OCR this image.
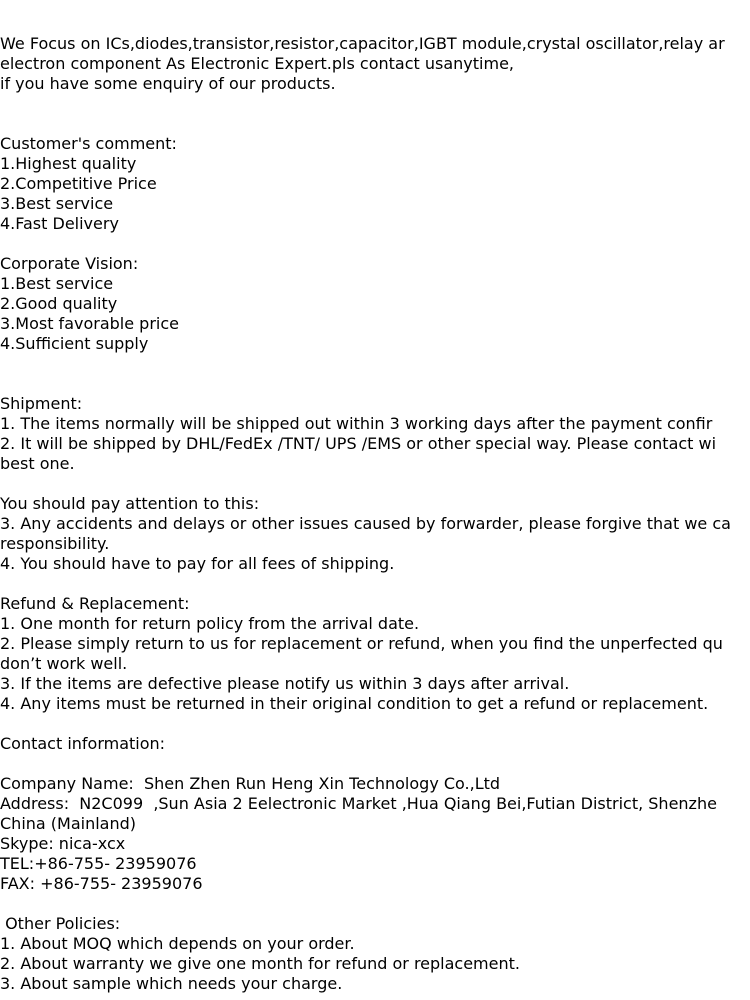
We Focus on ICs,diodes,transistor,resistor,capacitor,IGBT module,crystal oscillator,relay ar
electron component As Electronic Expert.pls contact usanytime,
if you have some enquiry of our products.
Customer's comment:
1.Highest quality
2.Competitive Price
3.Best service
4.Fast Delivery
Corporate Vision:
1.Best service
2.Good quality
3.Most favorable price
4.Sufficient supply
Shipment:
1. The items normally will be shipped out within 3 working days after the payment confir
2. It will be shipped by DHL/FedEx /TNT/ UPS /EMS or other special way. Please contact wi
best one.
You should pay attention to this:
3. Any accidents and delays or other issues caused by forwarder, please forgive that we ca
responsibility.
4. You should have to pay for all fees of shipping.
Refund & Replacement:
1. One month for return policy from the arrival date.
2. Please simply return to us for replacement or refund, when you find the unperfected qu
don’t work well.
3. If the items are defective please notify us within 3 days after arrival.
4. Any items must be returned in their original condition to get a refund or replacement.
Contact information:
Company Name:  Shen Zhen Run Heng Xin Technology Co.,Ltd
Address:  N2C099  ,Sun Asia 2 Eelectronic Market ,Hua Qiang Bei,Futian District, Shenzhe
China (Mainland)
Skype: nica-xcx
TEL:+86-755- 23959076
FAX: +86-755- 23959076
Other Policies:
1. About MOQ which depends on your order.
2. About warranty we give one month for refund or replacement.
3. About sample which needs your charge.
